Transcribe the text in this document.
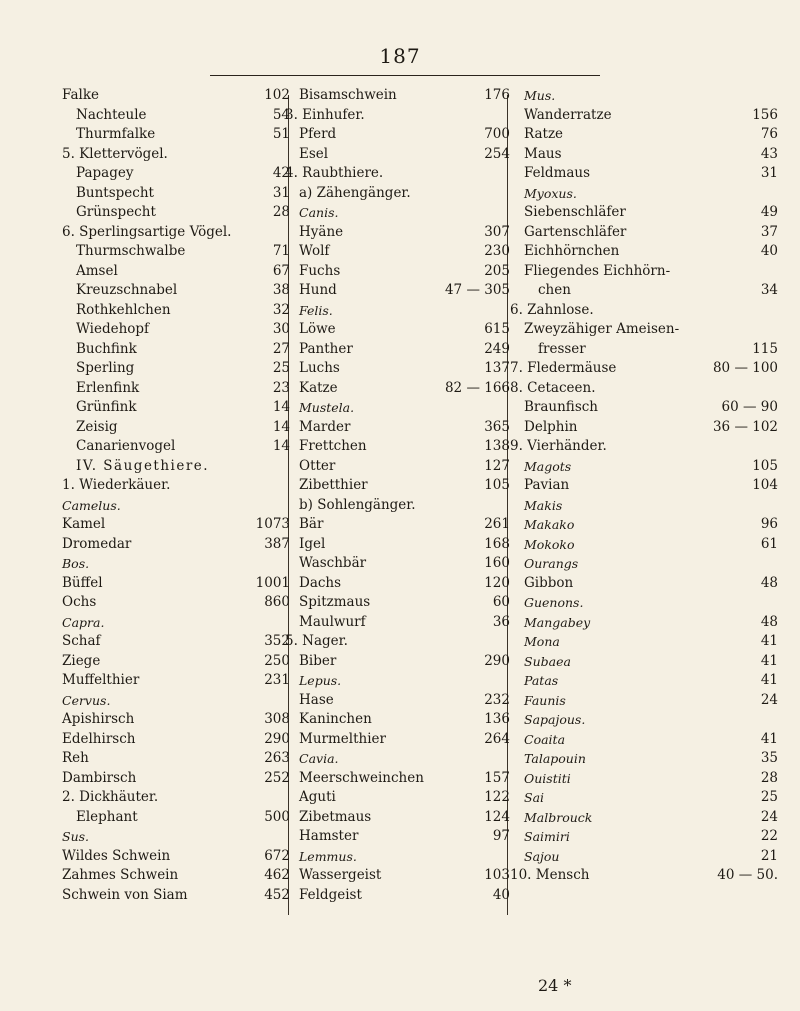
187
Falke	102
Nachteule	54
Thurmfalke	51
5. Klettervögel.
Papagey	42
Buntspecht	31
Grünspecht	28
6. Sperlingsartige Vögel.
Thurmschwalbe	71
Amsel	67
Kreuzschnabel	38
Rothkehlchen	32
Wiedehopf	30
Buchfink	27
Sperling	25
Erlenfink	23
Grünfink	14
Zeisig	14
Canarienvogel	14
IV. Säugethiere.
1. Wiederkäuer.
Camelus.
Kamel	1073
Dromedar	387
Bos.
Büffel	1001
Ochs	860
Capra.
Schaf	352
Ziege	250
Muffelthier	231
Cervus.
Apishirsch	308
Edelhirsch	290
Reh	263
Dambirsch	252
2. Dickhäuter.
Elephant	500
Sus.
Wildes Schwein	672
Zahmes Schwein	462
Schwein von Siam	452
Bisamschwein	176
3. Einhufer.
Pferd	700
Esel	254
4. Raubthiere.
a) Zähengänger.
Canis.
Hyäne	307
Wolf	230
Fuchs	205
Hund	47 — 305
Felis.
Löwe	615
Panther	249
Luchs	137
Katze	82 — 166
Mustela.
Marder	365
Frettchen	138
Otter	127
Zibetthier	105
b) Sohlengänger.
Bär	261
Igel	168
Waschbär	160
Dachs	120
Spitzmaus	60
Maulwurf	36
5. Nager.
Biber	290
Lepus.
Hase	232
Kaninchen	136
Murmelthier	264
Cavia.
Meerschweinchen	157
Aguti	122
Zibetmaus	124
Hamster	97
Lemmus.
Wassergeist	103
Feldgeist	40
Mus.
Wanderratze	156
Ratze	76
Maus	43
Feldmaus	31
Myoxus.
Siebenschläfer	49
Gartenschläfer	37
Eichhörnchen	40
Fliegendes Eichhörn-
chen	34
6. Zahnlose.
Zweyzähiger Ameisen-
fresser	115
7. Fledermäuse	80 — 100
8. Cetaceen.
Braunfisch	60 — 90
Delphin	36 — 102
9. Vierhänder.
Magots	105
Pavian	104
Makis
Makako	96
Mokoko	61
Ourangs
Gibbon	48
Guenons.
Mangabey	48
Mona	41
Subaea	41
Patas	41
Faunis	24
Sapajous.
Coaita	41
Talapouin	35
Ouistiti	28
Sai	25
Malbrouck	24
Saimiri	22
Sajou	21
10. Mensch	40 — 50.
24 *
